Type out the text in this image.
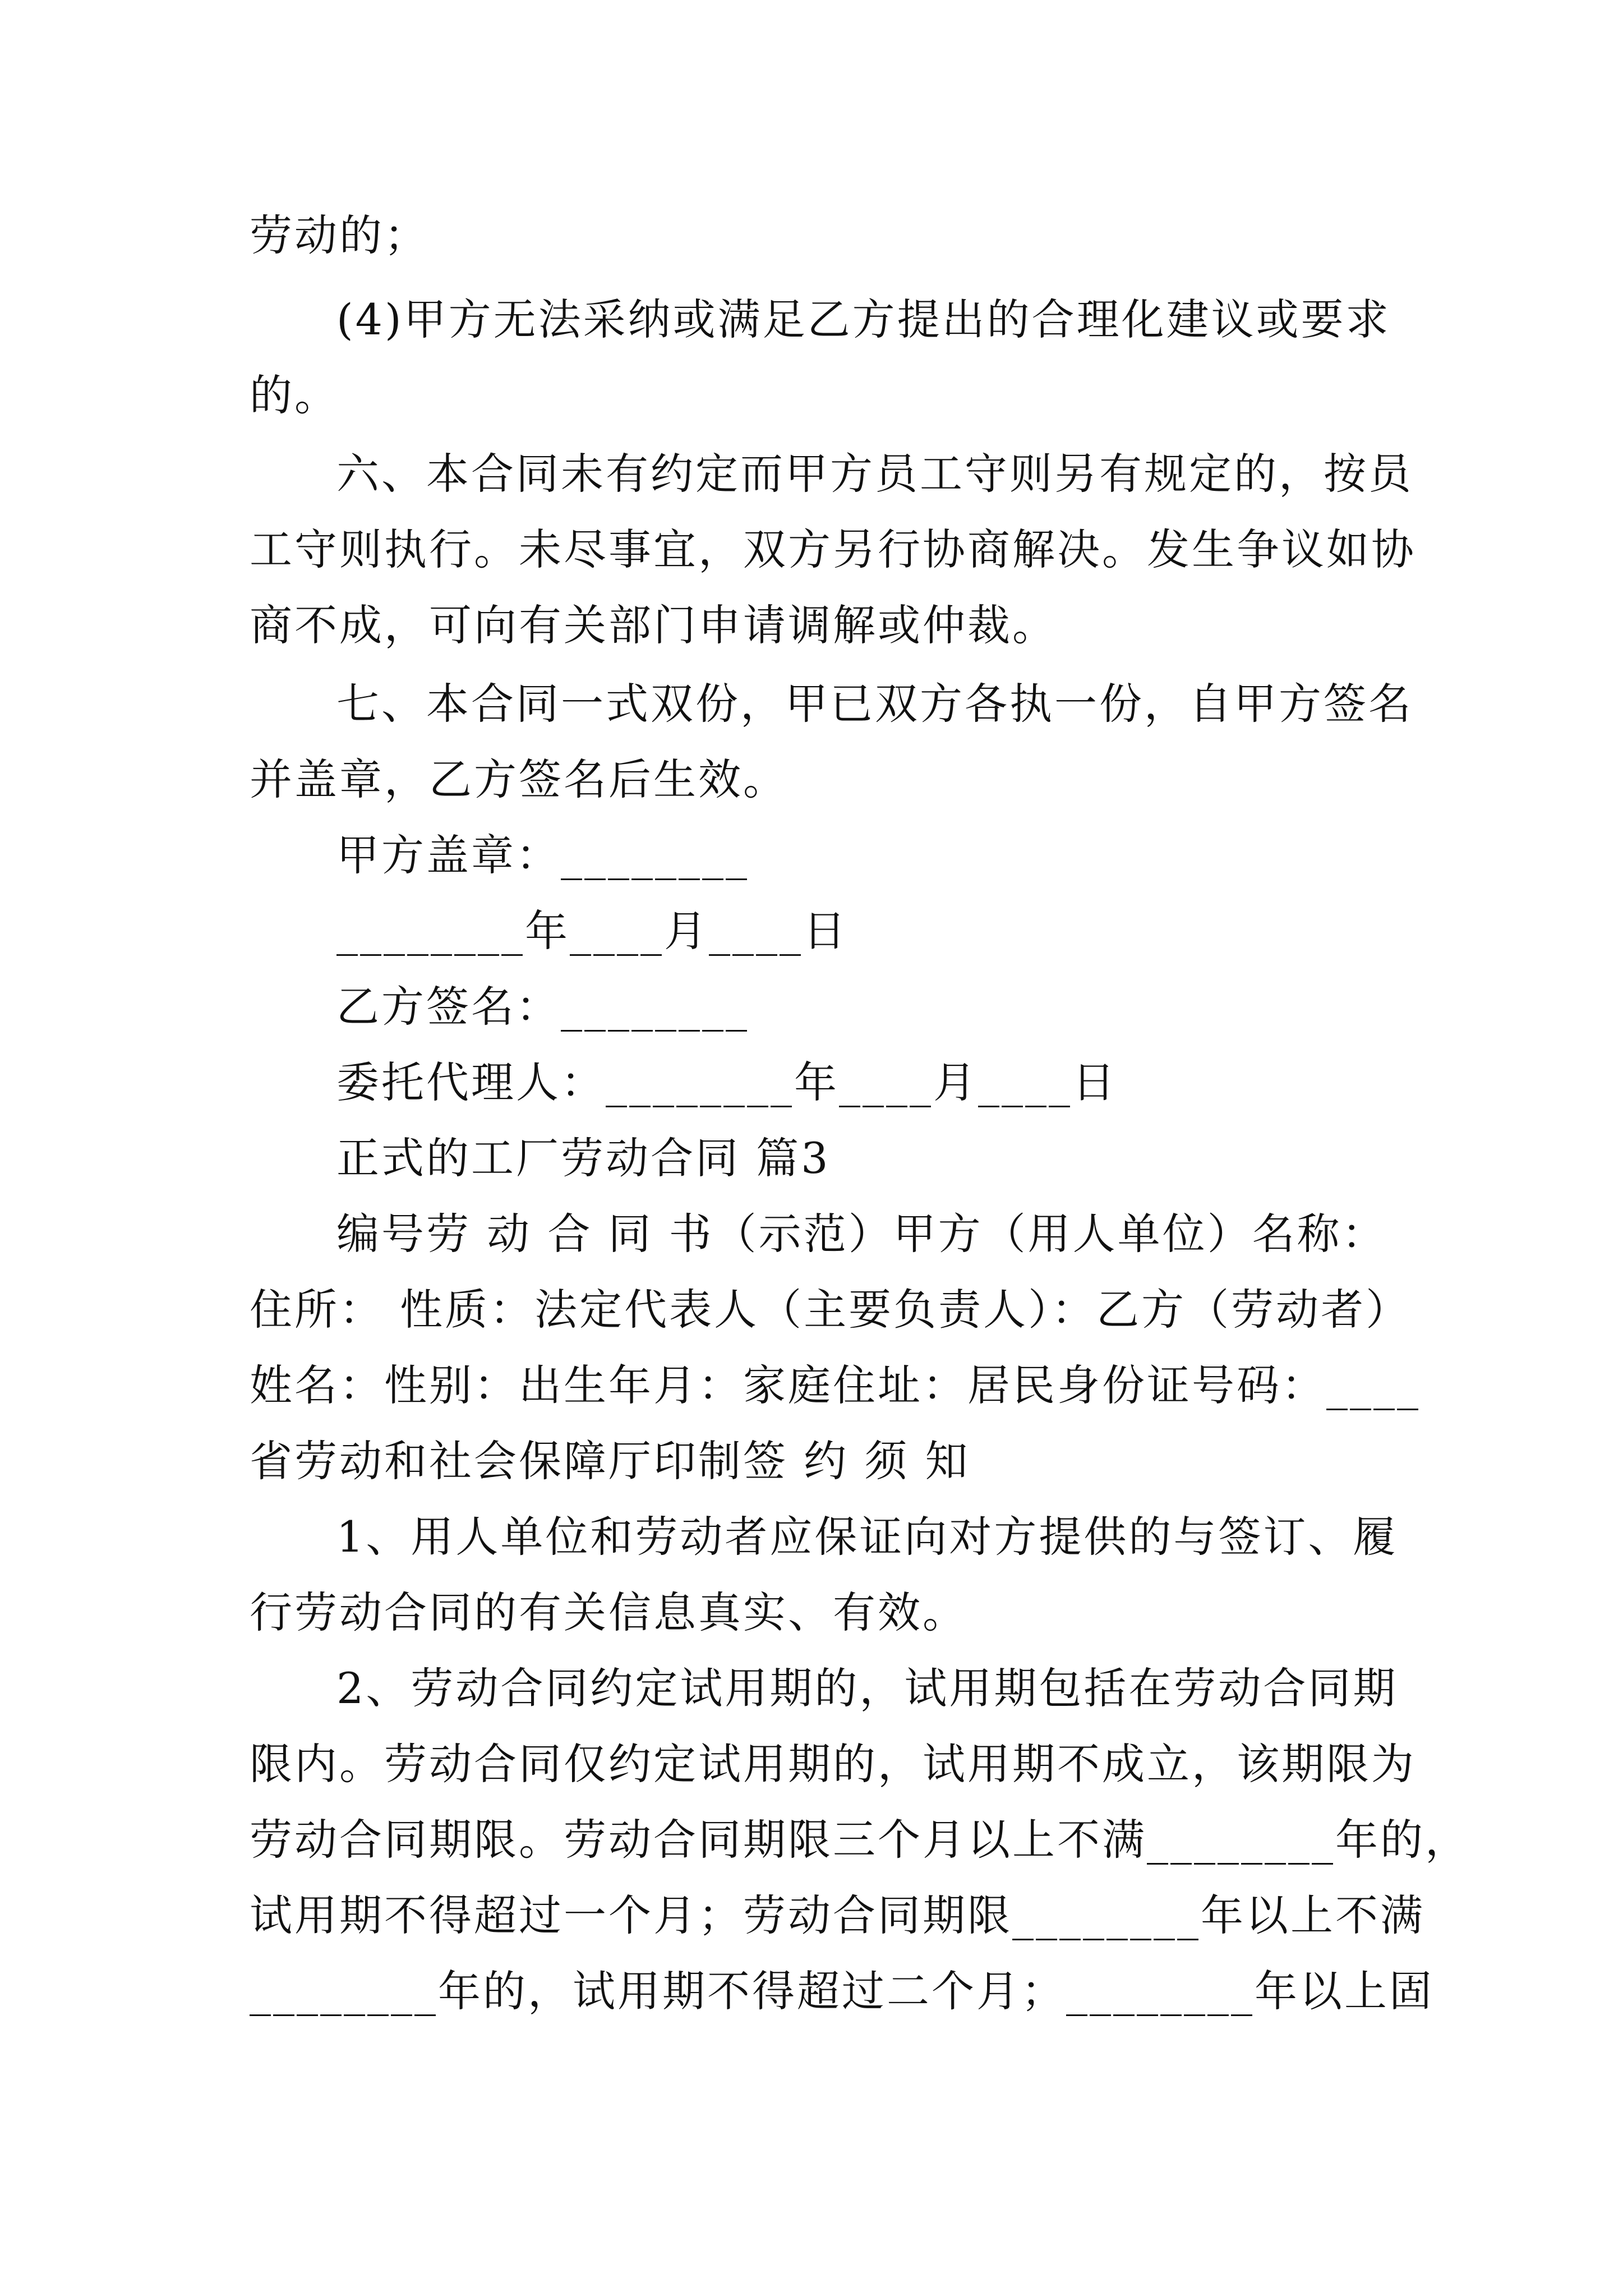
劳动的；
(4)甲方无法采纳或满足乙方提出的合理化建议或要求
的。
六、本合同未有约定而甲方员工守则另有规定的，按员
工守则执行。未尽事宜，双方另行协商解决。发生争议如协
商不成，可向有关部门申请调解或仲裁。
七、本合同一式双份，甲已双方各执一份，自甲方签名
并盖章，乙方签名后生效。
甲方盖章：________
________年____月____日
乙方签名：________
委托代理人：________年____月____日
正式的工厂劳动合同 篇3
编号劳 动 合 同 书（示范）甲方（用人单位）名称：
住所： 性质：法定代表人（主要负责人）：乙方（劳动者）
姓名：性别：出生年月：家庭住址：居民身份证号码：____
省劳动和社会保障厅印制签 约 须 知
1、用人单位和劳动者应保证向对方提供的与签订、履
行劳动合同的有关信息真实、有效。
2、劳动合同约定试用期的，试用期包括在劳动合同期
限内。劳动合同仅约定试用期的，试用期不成立，该期限为
劳动合同期限。劳动合同期限三个月以上不满________年的，
试用期不得超过一个月；劳动合同期限________年以上不满
________年的，试用期不得超过二个月；________年以上固
